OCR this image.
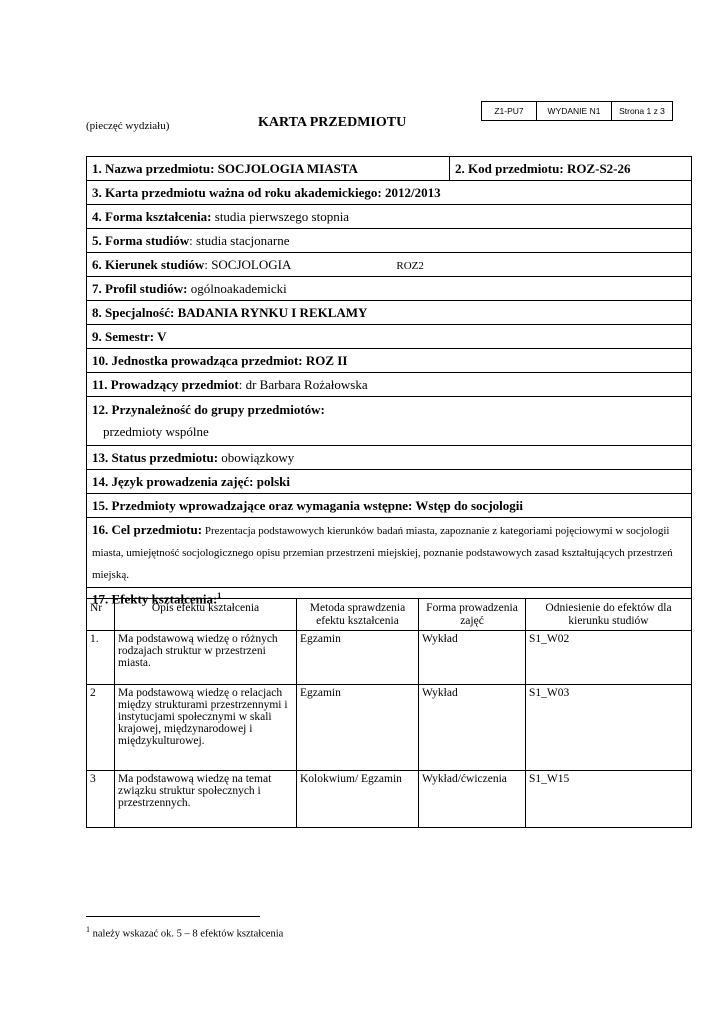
Z1-PU7	WYDANIE N1	Strona 1 z 3
(pieczęć wydziału)	KARTA PRZEDMIOTU
1. Nazwa przedmiotu: SOCJOLOGIA MIASTA	2. Kod przedmiotu: ROZ-S2-26
3. Karta przedmiotu ważna od roku akademickiego: 2012/2013
4. Forma kształcenia: studia pierwszego stopnia
5. Forma studiów: studia stacjonarne
6. Kierunek studiów: SOCJOLOGIA	ROZ2
7. Profil studiów: ogólnoakademicki
8. Specjalność: BADANIA RYNKU I REKLAMY
9. Semestr: V
10. Jednostka prowadząca przedmiot: ROZ II
11. Prowadzący przedmiot: dr Barbara Rożałowska
12. Przynależność do grupy przedmiotów:
przedmioty wspólne

13. Status przedmiotu: obowiązkowy
14. Język prowadzenia zajęć: polski
15. Przedmioty wprowadzające oraz wymagania wstępne: Wstęp do socjologii
16. Cel przedmiotu: Prezentacja podstawowych kierunków badań miasta, zapoznanie z kategoriami pojęciowymi w socjologii miasta, umiejętność socjologicznego opisu przemian przestrzeni miejskiej, poznanie podstawowych zasad kształtujących przestrzeń miejską.
17. Efekty kształcenia:$^1$
Nr	Opis efektu kształcenia	Metoda sprawdzenia efektu kształcenia	Forma prowadzenia zajęć	Odniesienie do efektów dla kierunku studiów
1.	Ma podstawową wiedzę o różnych rodzajach struktur w przestrzeni miasta.	Egzamin	Wykład	S1_W02
2	Ma podstawową wiedzę o relacjach między strukturami przestrzennymi i instytucjami społecznymi w skali krajowej, międzynarodowej i międzykulturowej.	Egzamin	Wykład	S1_W03
3	Ma podstawową wiedzę na temat związku struktur społecznych i przestrzennych.	Kolokwium/ Egzamin	Wykład/ćwiczenia	S1_W15
$^1$ należy wskazać ok. 5 – 8 efektów kształcenia
